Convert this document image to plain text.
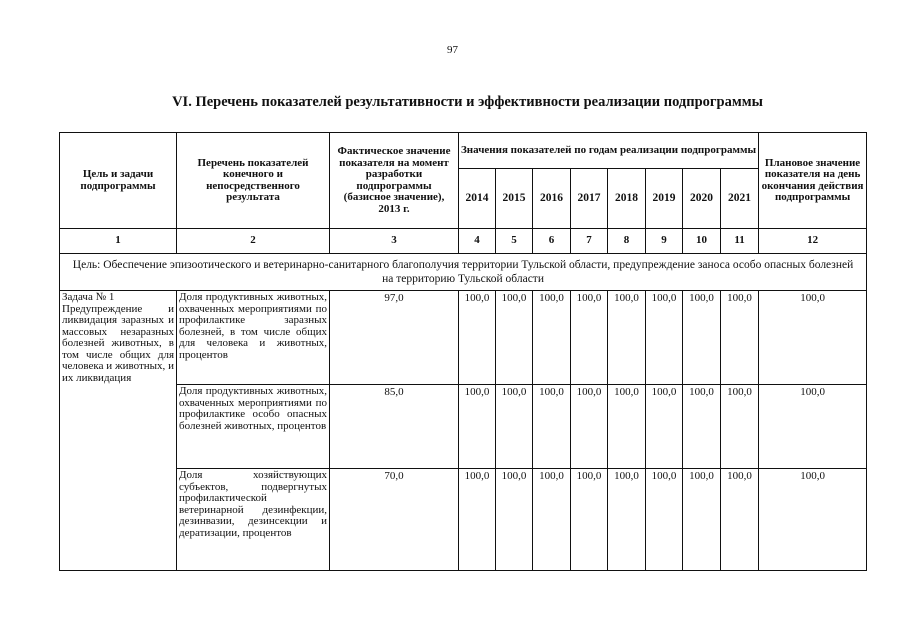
97
VI. Перечень показателей результативности и эффективности реализации подпрограммы
Цель и задачи подпрограммы	Перечень показателей конечного и непосредственного результата	Фактическое значение показателя на момент разработки подпрограммы (базисное значение), 2013 г.	Значения показателей по годам реализации подпрограммы								Плановое значение показателя на день окончания действия подпрограммы
			2014	2015	2016	2017	2018	2019	2020	2021	
1	2	3	4	5	6	7	8	9	10	11	12
Цель: Обеспечение эпизоотического и ветеринарно-санитарного благополучия территории Тульской области, предупреждение заноса особо опасных болезней на территорию Тульской области											

Задача № 1
Предупреждение и ликвидация заразных и массовых незаразных болезней животных, в том числе общих для человека и животных, и их ликвидация	Доля продуктивных животных, охваченных мероприятиями по профилактике заразных болезней, в том числе общих для человека и животных, процентов	97,0	100,0	100,0	100,0	100,0	100,0	100,0	100,0	100,0	100,0
	Доля продуктивных животных, охваченных мероприятиями по профилактике особо опасных болезней животных, процентов	85,0	100,0	100,0	100,0	100,0	100,0	100,0	100,0	100,0	100,0
	Доля хозяйствующих субъектов, подвергнутых профилактической ветеринарной дезинфекции, дезинвазии, дезинсекции и дератизации, процентов	70,0	100,0	100,0	100,0	100,0	100,0	100,0	100,0	100,0	100,0
